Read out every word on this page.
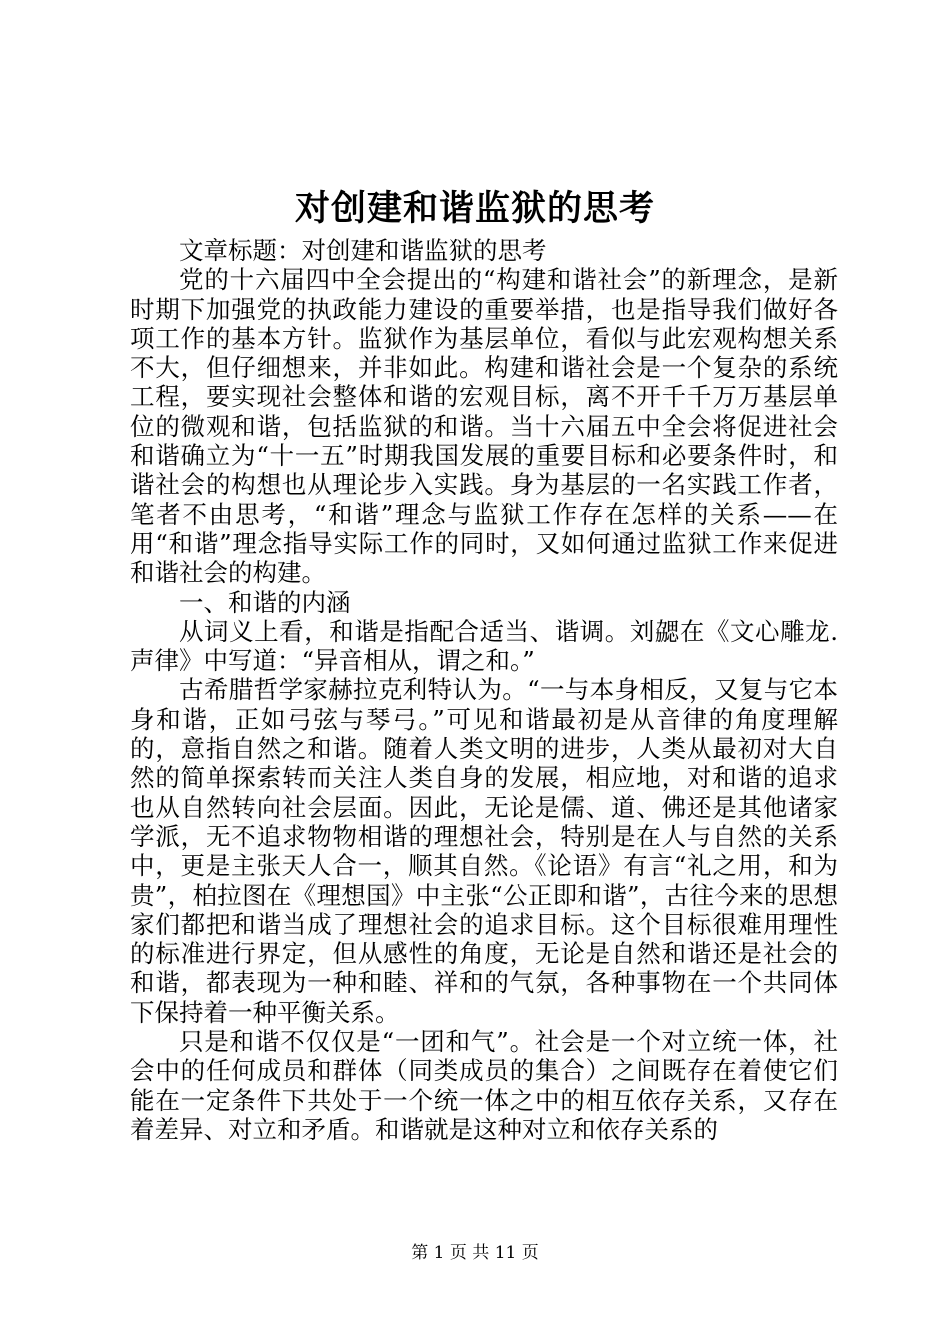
对创建和谐监狱的思考

文章标题：对创建和谐监狱的思考

党的十六届四中全会提出的“构建和谐社会”的新理念，是新时期下加强党的执政能力建设的重要举措，也是指导我们做好各项工作的基本方针。监狱作为基层单位，看似与此宏观构想关系不大，但仔细想来，并非如此。构建和谐社会是一个复杂的系统工程，要实现社会整体和谐的宏观目标，离不开千千万万基层单位的微观和谐，包括监狱的和谐。当十六届五中全会将促进社会和谐确立为“十一五”时期我国发展的重要目标和必要条件时，和谐社会的构想也从理论步入实践。身为基层的一名实践工作者，笔者不由思考，“和谐”理念与监狱工作存在怎样的关系——在用“和谐”理念指导实际工作的同时，又如何通过监狱工作来促进和谐社会的构建。

一、和谐的内涵

从词义上看，和谐是指配合适当、谐调。刘勰在《文心雕龙.声律》中写道：“异音相从，谓之和。”

古希腊哲学家赫拉克利特认为。“一与本身相反，又复与它本身和谐，正如弓弦与琴弓。”可见和谐最初是从音律的角度理解的，意指自然之和谐。随着人类文明的进步，人类从最初对大自然的简单探索转而关注人类自身的发展，相应地，对和谐的追求也从自然转向社会层面。因此，无论是儒、道、佛还是其他诸家学派，无不追求物物相谐的理想社会，特别是在人与自然的关系中，更是主张天人合一，顺其自然。《论语》有言“礼之用，和为贵”，柏拉图在《理想国》中主张“公正即和谐”，古往今来的思想家们都把和谐当成了理想社会的追求目标。这个目标很难用理性的标准进行界定，但从感性的角度，无论是自然和谐还是社会的和谐，都表现为一种和睦、祥和的气氛，各种事物在一个共同体下保持着一种平衡关系。

只是和谐不仅仅是“一团和气”。社会是一个对立统一体，社会中的任何成员和群体（同类成员的集合）之间既存在着使它们能在一定条件下共处于一个统一体之中的相互依存关系，又存在着差异、对立和矛盾。和谐就是这种对立和依存关系的

第 1 页 共 11 页
